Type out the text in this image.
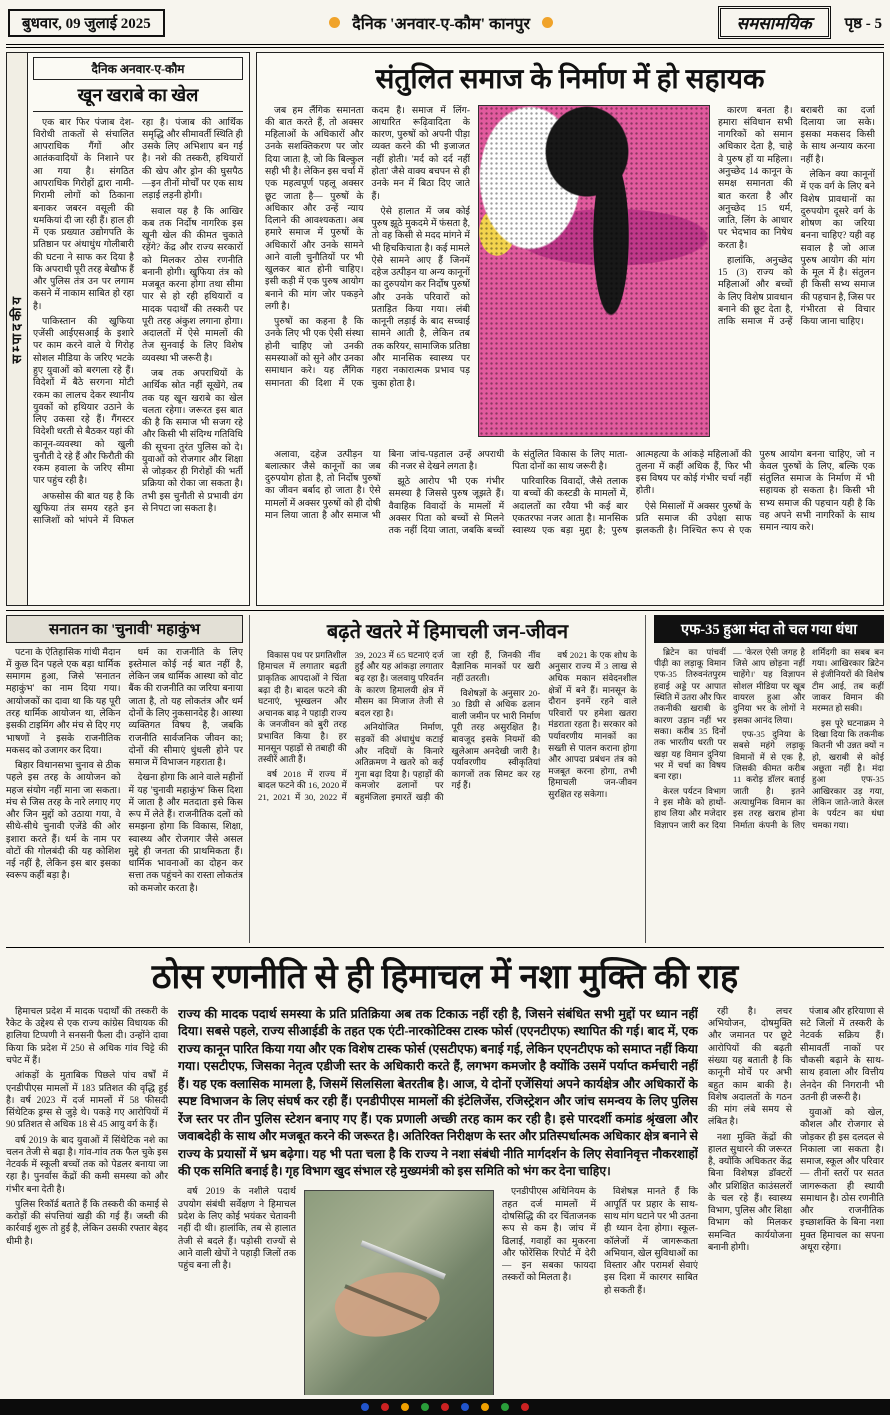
बुधवार, 09 जुलाई 2025	दैनिक 'अनवार-ए-कौम' कानपुर	समसामयिक	पृष्ठ - 5
सम्पादकीय
दैनिक अनवार-ए-कौम
खून खराबे का खेल

एक बार फिर पंजाब देश-विरोधी ताकतों से संचालित आपराधिक गैंगों और आतंकवादियों के निशाने पर आ गया है। संगठित आपराधिक गिरोहों द्वारा नामी-गिरामी लोगों को ठिकाना बनाकर जबरन वसूली की धमकियां दी जा रही हैं। हाल ही में एक प्रख्यात उद्योगपति के प्रतिष्ठान पर अंधाधुंध गोलीबारी की घटना ने साफ कर दिया है कि अपराधी पूरी तरह बेखौफ हैं और पुलिस तंत्र उन पर लगाम कसने में नाकाम साबित हो रहा है।

पाकिस्तान की खुफिया एजेंसी आईएसआई के इशारे पर काम करने वाले ये गिरोह सोशल मीडिया के जरिए भटके हुए युवाओं को बरगला रहे हैं। विदेशों में बैठे सरगना मोटी रकम का लालच देकर स्थानीय युवकों को हथियार उठाने के लिए उकसा रहे हैं। गैंगस्टर विदेशी धरती से बैठकर यहां की कानून-व्यवस्था को खुली चुनौती दे रहे हैं और फिरौती की रकम हवाला के जरिए सीमा पार पहुंच रही है।

अफसोस की बात यह है कि खुफिया तंत्र समय रहते इन साजिशों को भांपने में विफल रहा है। पंजाब की आर्थिक समृद्धि और सीमावर्ती स्थिति ही उसके लिए अभिशाप बन गई है। नशे की तस्करी, हथियारों की खेप और ड्रोन की घुसपैठ—इन तीनों मोर्चों पर एक साथ लड़ाई लड़नी होगी।

सवाल यह है कि आखिर कब तक निर्दोष नागरिक इस खूनी खेल की कीमत चुकाते रहेंगे? केंद्र और राज्य सरकारों को मिलकर ठोस रणनीति बनानी होगी। खुफिया तंत्र को मजबूत करना होगा तथा सीमा पार से हो रही हथियारों व मादक पदार्थों की तस्करी पर पूरी तरह अंकुश लगाना होगा। अदालतों में ऐसे मामलों की तेज सुनवाई के लिए विशेष व्यवस्था भी जरूरी है।

जब तक अपराधियों के आर्थिक स्रोत नहीं सूखेंगे, तब तक यह खून खराबे का खेल चलता रहेगा। जरूरत इस बात की है कि समाज भी सजग रहे और किसी भी संदिग्ध गतिविधि की सूचना तुरंत पुलिस को दे। युवाओं को रोजगार और शिक्षा से जोड़कर ही गिरोहों की भर्ती प्रक्रिया को रोका जा सकता है। तभी इस चुनौती से प्रभावी ढंग से निपटा जा सकता है।

संतुलित समाज के निर्माण में हो सहायक

जब हम लैंगिक समानता की बात करते हैं, तो अक्सर महिलाओं के अधिकारों और उनके सशक्तिकरण पर जोर दिया जाता है, जो कि बिल्कुल सही भी है। लेकिन इस चर्चा में एक महत्वपूर्ण पहलू अक्सर छूट जाता है— पुरुषों के अधिकार और उन्हें न्याय दिलाने की आवश्यकता। अब हमारे समाज में पुरुषों के अधिकारों और उनके सामने आने वाली चुनौतियों पर भी खुलकर बात होनी चाहिए। इसी कड़ी में एक पुरुष आयोग बनाने की मांग जोर पकड़ने लगी है।

पुरुषों का कहना है कि उनके लिए भी एक ऐसी संस्था होनी चाहिए जो उनकी समस्याओं को सुने और उनका समाधान करे। यह लैंगिक समानता की दिशा में एक कदम है। समाज में लिंग-आधारित रूढ़िवादिता के कारण, पुरुषों को अपनी पीड़ा व्यक्त करने की भी इजाजत नहीं होती। 'मर्द को दर्द नहीं होता' जैसे वाक्य बचपन से ही उनके मन में बिठा दिए जाते हैं।

ऐसे हालात में जब कोई पुरुष झूठे मुकदमे में फंसता है, तो वह किसी से मदद मांगने में भी हिचकिचाता है। कई मामले ऐसे सामने आए हैं जिनमें दहेज उत्पीड़न या अन्य कानूनों का दुरुपयोग कर निर्दोष पुरुषों और उनके परिवारों को प्रताड़ित किया गया। लंबी कानूनी लड़ाई के बाद सच्चाई सामने आती है, लेकिन तब तक करियर, सामाजिक प्रतिष्ठा और मानसिक स्वास्थ्य पर गहरा नकारात्मक प्रभाव पड़ चुका होता है।

कारण बनता है। हमारा संविधान सभी नागरिकों को समान अधिकार देता है, चाहे वे पुरुष हों या महिला। अनुच्छेद 14 कानून के समक्ष समानता की बात करता है और अनुच्छेद 15 धर्म, जाति, लिंग के आधार पर भेदभाव का निषेध करता है।

हालांकि, अनुच्छेद 15 (3) राज्य को महिलाओं और बच्चों के लिए विशेष प्रावधान बनाने की छूट देता है, ताकि समाज में उन्हें बराबरी का दर्जा दिलाया जा सके। इसका मकसद किसी के साथ अन्याय करना नहीं है।

लेकिन क्या कानूनों में एक वर्ग के लिए बने विशेष प्रावधानों का दुरुपयोग दूसरे वर्ग के शोषण का जरिया बनना चाहिए? यही वह सवाल है जो आज पुरुष आयोग की मांग के मूल में है। संतुलन ही किसी सभ्य समाज की पहचान है, जिस पर गंभीरता से विचार किया जाना चाहिए।

अलावा, दहेज उत्पीड़न या बलात्कार जैसे कानूनों का जब दुरुपयोग होता है, तो निर्दोष पुरुषों का जीवन बर्बाद हो जाता है। ऐसे मामलों में अक्सर पुरुषों को ही दोषी मान लिया जाता है और समाज भी बिना जांच-पड़ताल उन्हें अपराधी की नजर से देखने लगता है।

झूठे आरोप भी एक गंभीर समस्या है जिससे पुरुष जूझते हैं। वैवाहिक विवादों के मामलों में अक्सर पिता को बच्चों से मिलने तक नहीं दिया जाता, जबकि बच्चों के संतुलित विकास के लिए माता-पिता दोनों का साथ जरूरी है।

पारिवारिक विवादों, जैसे तलाक या बच्चों की कस्टडी के मामलों में, अदालतों का रवैया भी कई बार एकतरफा नजर आता है। मानसिक स्वास्थ्य एक बड़ा मुद्दा है; पुरुष आत्महत्या के आंकड़े महिलाओं की तुलना में कहीं अधिक हैं, फिर भी इस विषय पर कोई गंभीर चर्चा नहीं होती।

ऐसे मिसालों में अक्सर पुरुषों के प्रति समाज की उपेक्षा साफ झलकती है। निश्चित रूप से एक पुरुष आयोग बनना चाहिए, जो न केवल पुरुषों के लिए, बल्कि एक संतुलित समाज के निर्माण में भी सहायक हो सकता है। किसी भी सभ्य समाज की पहचान यही है कि वह अपने सभी नागरिकों के साथ समान न्याय करे।

सनातन का 'चुनावी' महाकुंभ

पटना के ऐतिहासिक गांधी मैदान में कुछ दिन पहले एक बड़ा धार्मिक समागम हुआ, जिसे 'सनातन महाकुंभ' का नाम दिया गया। आयोजकों का दावा था कि यह पूरी तरह धार्मिक आयोजन था, लेकिन इसकी टाइमिंग और मंच से दिए गए भाषणों ने इसके राजनीतिक मकसद को उजागर कर दिया।

बिहार विधानसभा चुनाव से ठीक पहले इस तरह के आयोजन को महज संयोग नहीं माना जा सकता। मंच से जिस तरह के नारे लगाए गए और जिन मुद्दों को उठाया गया, वे सीधे-सीधे चुनावी एजेंडे की ओर इशारा करते हैं। धर्म के नाम पर वोटों की गोलबंदी की यह कोशिश नई नहीं है, लेकिन इस बार इसका स्वरूप कहीं बड़ा है।

धर्म का राजनीति के लिए इस्तेमाल कोई नई बात नहीं है, लेकिन जब धार्मिक आस्था को वोट बैंक की राजनीति का जरिया बनाया जाता है, तो यह लोकतंत्र और धर्म दोनों के लिए नुकसानदेह है। आस्था व्यक्तिगत विषय है, जबकि राजनीति सार्वजनिक जीवन का; दोनों की सीमाएं धुंधली होने पर समाज में विभाजन गहराता है।

देखना होगा कि आने वाले महीनों में यह 'चुनावी महाकुंभ' किस दिशा में जाता है और मतदाता इसे किस रूप में लेते हैं। राजनीतिक दलों को समझना होगा कि विकास, शिक्षा, स्वास्थ्य और रोजगार जैसे असल मुद्दे ही जनता की प्राथमिकता हैं। धार्मिक भावनाओं का दोहन कर सत्ता तक पहुंचने का रास्ता लोकतंत्र को कमजोर करता है।

बढ़ते खतरे में हिमाचली जन-जीवन

विकास पथ पर प्रगतिशील हिमाचल में लगातार बढ़ती प्राकृतिक आपदाओं ने चिंता बढ़ा दी है। बादल फटने की घटनाएं, भूस्खलन और अचानक बाढ़ ने पहाड़ी राज्य के जनजीवन को बुरी तरह प्रभावित किया है। हर मानसून पहाड़ों से तबाही की तस्वीरें आती हैं।

वर्ष 2018 में राज्य में बादल फटने की 16, 2020 में 21, 2021 में 30, 2022 में 39, 2023 में 65 घटनाएं दर्ज हुईं और यह आंकड़ा लगातार बढ़ रहा है। जलवायु परिवर्तन के कारण हिमालयी क्षेत्र में मौसम का मिजाज तेजी से बदल रहा है।

अनियोजित निर्माण, सड़कों की अंधाधुंध कटाई और नदियों के किनारे अतिक्रमण ने खतरे को कई गुना बढ़ा दिया है। पहाड़ों की कमजोर ढलानों पर बहुमंजिला इमारतें खड़ी की जा रही हैं, जिनकी नींव वैज्ञानिक मानकों पर खरी नहीं उतरती।

विशेषज्ञों के अनुसार 20-30 डिग्री से अधिक ढलान वाली जमीन पर भारी निर्माण पूरी तरह असुरक्षित है। बावजूद इसके नियमों की खुलेआम अनदेखी जारी है। पर्यावरणीय स्वीकृतियां कागजों तक सिमट कर रह गई हैं।

वर्ष 2021 के एक शोध के अनुसार राज्य में 3 लाख से अधिक मकान संवेदनशील क्षेत्रों में बने हैं। मानसून के दौरान इनमें रहने वाले परिवारों पर हमेशा खतरा मंडराता रहता है। सरकार को पर्यावरणीय मानकों का सख्ती से पालन कराना होगा और आपदा प्रबंधन तंत्र को मजबूत करना होगा, तभी हिमाचली जन-जीवन सुरक्षित रह सकेगा।

एफ-35 हुआ मंदा तो चल गया धंधा

ब्रिटेन का पांचवीं पीढ़ी का लड़ाकू विमान एफ-35 तिरुवनंतपुरम हवाई अड्डे पर आपात स्थिति में उतरा और फिर तकनीकी खराबी के कारण उड़ान नहीं भर सका। करीब 35 दिनों तक भारतीय धरती पर खड़ा यह विमान दुनिया भर में चर्चा का विषय बना रहा।

केरल पर्यटन विभाग ने इस मौके को हाथों-हाथ लिया और मजेदार विज्ञापन जारी कर दिया— 'केरल ऐसी जगह है जिसे आप छोड़ना नहीं चाहेंगे।' यह विज्ञापन सोशल मीडिया पर खूब वायरल हुआ और दुनिया भर के लोगों ने इसका आनंद लिया।

एफ-35 दुनिया के सबसे महंगे लड़ाकू विमानों में से एक है, जिसकी कीमत करीब 11 करोड़ डॉलर बताई जाती है। इतने अत्याधुनिक विमान का इस तरह खराब होना निर्माता कंपनी के लिए शर्मिंदगी का सबब बन गया। आखिरकार ब्रिटेन से इंजीनियरों की विशेष टीम आई, तब कहीं जाकर विमान की मरम्मत हो सकी।

इस पूरे घटनाक्रम ने दिखा दिया कि तकनीक कितनी भी उन्नत क्यों न हो, खराबी से कोई अछूता नहीं है। मंदा हुआ एफ-35 आखिरकार उड़ गया, लेकिन जाते-जाते केरल के पर्यटन का धंधा चमका गया।

ठोस रणनीति से ही हिमाचल में नशा मुक्ति की राह

हिमाचल प्रदेश में मादक पदार्थों की तस्करी के रैकेट के उद्देश्य से एक राज्य कांग्रेस विधायक की हालिया टिप्पणी ने सनसनी फैला दी। उन्होंने दावा किया कि प्रदेश में 250 से अधिक गांव चिट्टे की चपेट में हैं।

आंकड़ों के मुताबिक पिछले पांच वर्षों में एनडीपीएस मामलों में 183 प्रतिशत की वृद्धि हुई है। वर्ष 2023 में दर्ज मामलों में 58 फीसदी सिंथेटिक ड्रग्स से जुड़े थे। पकड़े गए आरोपियों में 90 प्रतिशत से अधिक 18 से 45 आयु वर्ग के हैं।

वर्ष 2019 के बाद युवाओं में सिंथेटिक नशे का चलन तेजी से बढ़ा है। गांव-गांव तक फैल चुके इस नेटवर्क में स्कूली बच्चों तक को पेडलर बनाया जा रहा है। पुनर्वास केंद्रों की कमी समस्या को और गंभीर बना देती है।

पुलिस रिकॉर्ड बताते हैं कि तस्करी की कमाई से करोड़ों की संपत्तियां खड़ी की गई हैं। जब्ती की कार्रवाई शुरू तो हुई है, लेकिन उसकी रफ्तार बेहद धीमी है।

राज्य की मादक पदार्थ समस्या के प्रति प्रतिक्रिया अब तक टिकाऊ नहीं रही है, जिसने संबंधित सभी मुद्दों पर ध्यान नहीं दिया। सबसे पहले, राज्य सीआईडी के तहत एक एंटी-नारकोटिक्स टास्क फोर्स (एएनटीएफ) स्थापित की गई। बाद में, एक राज्य कानून पारित किया गया और एक विशेष टास्क फोर्स (एसटीएफ) बनाई गई, लेकिन एएनटीएफ को समाप्त नहीं किया गया। एसटीएफ, जिसका नेतृत्व एडीजी स्तर के अधिकारी करते हैं, लगभग कमजोर है क्योंकि उसमें पर्याप्त कर्मचारी नहीं हैं। यह एक क्लासिक मामला है, जिसमें सिलसिला बेतरतीब है। आज, ये दोनों एजेंसियां अपने कार्यक्षेत्र और अधिकारों के स्पष्ट विभाजन के लिए संघर्ष कर रही हैं। एनडीपीएस मामलों की इंटेलिजेंस, रजिस्ट्रेशन और जांच समन्वय के लिए पुलिस रेंज स्तर पर तीन पुलिस स्टेशन बनाए गए हैं। एक प्रणाली अच्छी तरह काम कर रही है। इसे पारदर्शी कमांड श्रृंखला और जवाबदेही के साथ और मजबूत करने की जरूरत है। अतिरिक्त निरीक्षण के स्तर और प्रतिस्पर्धात्मक अधिकार क्षेत्र बनाने से राज्य के प्रयासों में भ्रम बढ़ेगा। यह भी पता चला है कि राज्य ने नशा संबंधी नीति मार्गदर्शन के लिए सेवानिवृत्त नौकरशाहों की एक समिति बनाई है। गृह विभाग खुद संभाल रहे मुख्यमंत्री को इस समिति को भंग कर देना चाहिए।

वर्ष 2019 के नशीले पदार्थ उपयोग संबंधी सर्वेक्षण ने हिमाचल प्रदेश के लिए कोई भयंकर चेतावनी नहीं दी थी। हालांकि, तब से हालात तेजी से बदले हैं। पड़ोसी राज्यों से आने वाली खेपों ने पहाड़ी जिलों तक पहुंच बना ली है।

एनडीपीएस अधिनियम के तहत दर्ज मामलों में दोषसिद्धि की दर चिंताजनक रूप से कम है। जांच में ढिलाई, गवाहों का मुकरना और फोरेंसिक रिपोर्ट में देरी— इन सबका फायदा तस्करों को मिलता है।

विशेषज्ञ मानते हैं कि आपूर्ति पर प्रहार के साथ-साथ मांग घटाने पर भी उतना ही ध्यान देना होगा। स्कूल-कॉलेजों में जागरूकता अभियान, खेल सुविधाओं का विस्तार और परामर्श सेवाएं इस दिशा में कारगर साबित हो सकती हैं।

रही है। लचर अभियोजन, दोषमुक्ति और जमानत पर छूटे आरोपियों की बढ़ती संख्या यह बताती है कि कानूनी मोर्चे पर अभी बहुत काम बाकी है। विशेष अदालतों के गठन की मांग लंबे समय से लंबित है।

नशा मुक्ति केंद्रों की हालत सुधारने की जरूरत है, क्योंकि अधिकतर केंद्र बिना विशेषज्ञ डॉक्टरों और प्रशिक्षित काउंसलरों के चल रहे हैं। स्वास्थ्य विभाग, पुलिस और शिक्षा विभाग को मिलकर समन्वित कार्ययोजना बनानी होगी।

पंजाब और हरियाणा से सटे जिलों में तस्करी के नेटवर्क सक्रिय हैं। सीमावर्ती नाकों पर चौकसी बढ़ाने के साथ-साथ हवाला और वित्तीय लेनदेन की निगरानी भी उतनी ही जरूरी है।

युवाओं को खेल, कौशल और रोजगार से जोड़कर ही इस दलदल से निकाला जा सकता है। समाज, स्कूल और परिवार— तीनों स्तरों पर सतत जागरूकता ही स्थायी समाधान है। ठोस रणनीति और राजनीतिक इच्छाशक्ति के बिना नशा मुक्त हिमाचल का सपना अधूरा रहेगा।
